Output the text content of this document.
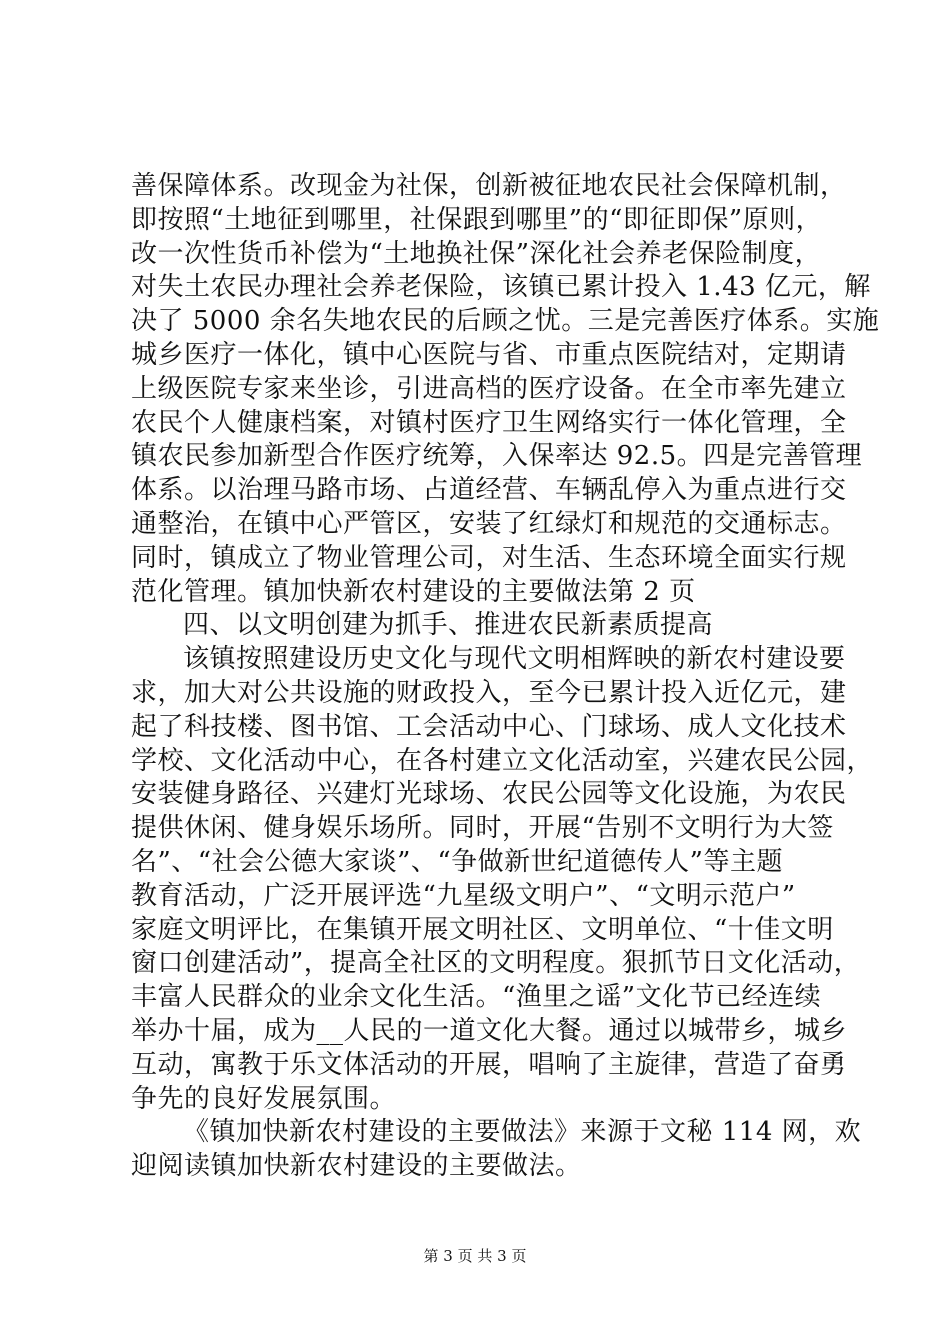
善保障体系。改现金为社保，创新被征地农民社会保障机制，
即按照“土地征到哪里，社保跟到哪里”的“即征即保”原则，
改一次性货币补偿为“土地换社保”深化社会养老保险制度，
对失土农民办理社会养老保险，该镇已累计投入 1.43 亿元，解
决了 5000 余名失地农民的后顾之忧。三是完善医疗体系。实施
城乡医疗一体化，镇中心医院与省、市重点医院结对，定期请
上级医院专家来坐诊，引进高档的医疗设备。在全市率先建立
农民个人健康档案，对镇村医疗卫生网络实行一体化管理，全
镇农民参加新型合作医疗统筹，入保率达 92.5。四是完善管理
体系。以治理马路市场、占道经营、车辆乱停入为重点进行交
通整治，在镇中心严管区，安装了红绿灯和规范的交通标志。
同时，镇成立了物业管理公司，对生活、生态环境全面实行规
范化管理。镇加快新农村建设的主要做法第 2 页
四、以文明创建为抓手、推进农民新素质提高
该镇按照建设历史文化与现代文明相辉映的新农村建设要
求，加大对公共设施的财政投入，至今已累计投入近亿元，建
起了科技楼、图书馆、工会活动中心、门球场、成人文化技术
学校、文化活动中心，在各村建立文化活动室，兴建农民公园，
安装健身路径、兴建灯光球场、农民公园等文化设施，为农民
提供休闲、健身娱乐场所。同时，开展“告别不文明行为大签
名”、“社会公德大家谈”、“争做新世纪道德传人”等主题
教育活动，广泛开展评选“九星级文明户”、“文明示范户”
家庭文明评比，在集镇开展文明社区、文明单位、“十佳文明
窗口创建活动”，提高全社区的文明程度。狠抓节日文化活动，
丰富人民群众的业余文化生活。“渔里之谣”文化节已经连续
举办十届，成为__人民的一道文化大餐。通过以城带乡，城乡
互动，寓教于乐文体活动的开展，唱响了主旋律，营造了奋勇
争先的良好发展氛围。
《镇加快新农村建设的主要做法》来源于文秘 114 网，欢
迎阅读镇加快新农村建设的主要做法。
第 3 页 共 3 页
